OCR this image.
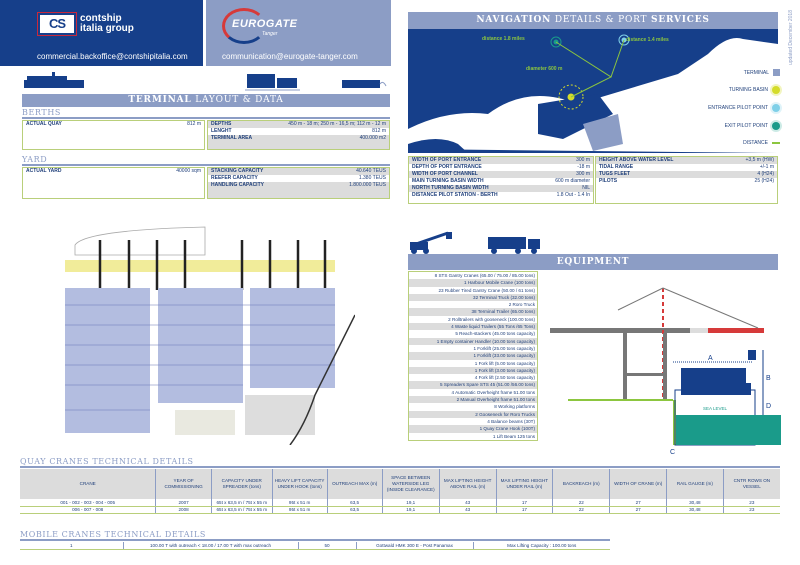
CS	contship
italia group
commercial.backoffice@contshipitalia.com
EUROGATE
Tanger
communication@eurogate-tanger.com
TERMINAL LAYOUT & DATA
BERTHS
ACTUAL QUAY	812 m DEPTHS	450 m - 18 m; 250 m - 16,5 m; 112 m - 12 m
LENGHT	812 m
TERMINAL AREA	400.000 m2
YARD
ACTUAL YARD	40000 sqm STACKING CAPACITY	40.640 TEUS
REEFER CAPACITY	1.380 TEUS
HANDLING CAPACITY	1.800.000 TEUS
NAVIGATION DETAILS & PORT SERVICES
distance 1.8 miles	distance 1.4 miles
diameter 600 m
TERMINAL
TURNING BASIN
ENTRANCE PILOT POINT
EXIT PILOT POINT
DISTANCE
updated December 2018
WIDTH OF PORT ENTRANCE	300 m
DEPTH OF PORT ENTRANCE	-18 m
WIDTH OF PORT CHANNEL	300 m
MAIN TURNING BASIN WIDTH	600 m diameter
NORTH TURNING BASIN WIDTH	NIL
DISTANCE PILOT STATION - BERTH	1.8 Out - 1.4 In
HEIGHT ABOVE WATER LEVEL	+3,5 m (HW)
TIDAL RANGE	+/-1 m
TUGS FLEET	4 (H24)
PILOTS	25 (H24)
EQUIPMENT
8 STS Gantry Cranes (65.00 / 75.00 / 85.00 tons)
1 Harbour Mobile Crane (100 tons)
23 Rubber Tired Gantry Crane (50.00 / 61 tons)
32 Terminal Truck (32.00 tons)
2 Roro Truck
38 Terminal Trailer (65.00 tons)
2 Rolltrailers with gooseneck (100.00 tons)
4 Waste liquid Trailers (55 Tons /65 Tons)
5 Reach-stackers (45.00 tons capacity)
1 Empty container Handler (10.00 tons capacity)
1 Forklift (25.00 tons capacity)
1 Forklift (33.00 tons capacity)
1 Fork lift (5.00 tons capacity)
1 Fork lift (3.00 tons capacity)
4 Fork lift (2.50 tons capacity)
5 Spreaders Spare STS 45 (51.00 /56.00 tons)
4 Automatic Overheight frame 51.00 tons
2 Manual Overheight frame 51.00 tons
8 Working platforms
2 Gooseneck for Roro Trucks
4 Balance beams (30T)
1 Quay Crane Hook (100T)
1 Lift Beam 125 tons
A
B
D
C
SEA LEVEL
QUAY CRANES TECHNICAL DETAILS
CRANE	YEAR OF COMMISSIONING	CAPACITY UNDER SPREADER (tons)	HEAVY LIFT CAPACITY UNDER HOOK (tons)	OUTREACH MAX (m)	SPACE BETWEEN WATERSIDE LEG (INSIDE CLEARANCE)	MAX LIFTING HEIGHT ABOVE RAIL (m)	MAX LIFTING HEIGHT UNDER RAIL (m)	BACKREACH (m)	WIDTH OF CRANE (m)	RAIL GAUGE (m)	CNTR ROWS ON VESSEL
001 - 002 - 003 - 004 - 005	2007	65t x 63,5 m / 75t x 55 m	95t x 51 m	63,5	19,1	43	17	22	27	30,48	23
006 - 007 - 008	2008	65t x 63,5 m / 75t x 55 m	95t x 51 m	63,5	19,1	43	17	22	27	30,48	23
MOBILE CRANES TECHNICAL DETAILS
1	100.00 T with outreach < 18.00 / 17.00 T with max outreach	50	Gottwald HMK 300 E - Post Panamax	Max Lifting Capacity : 100.00 tons
